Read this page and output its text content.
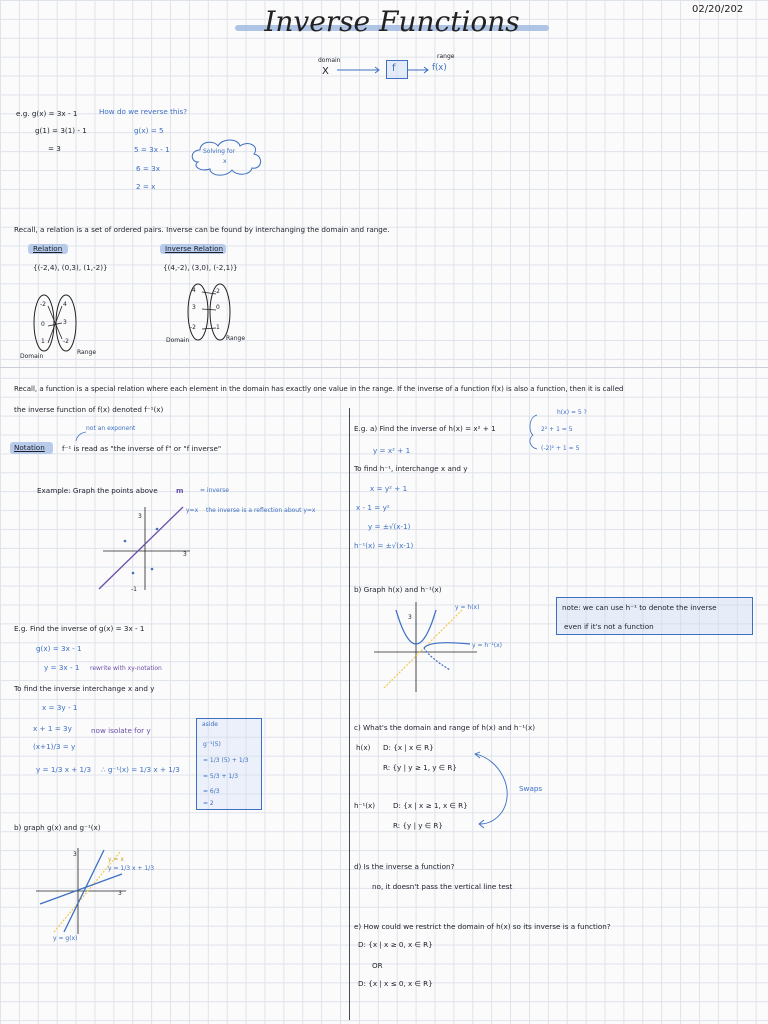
Inverse Functions	02/20/202
domain
X	f
range
f(x)
e.g. g(x) = 3x - 1	How do we reverse this?
g(1) = 3(1) - 1
= 3
g(x) = 5
5 = 3x - 1
6 = 3x
2 = x
Solving for
x
Recall, a relation is a set of ordered pairs. Inverse can be found by interchanging the domain and range.
Relation
{(-2,4), (0,3), (1,-2)}
Inverse Relation
{(4,-2), (3,0), (-2,1)}
-2
0
1
4
3
-2
Domain
Range
4
3
-2
-2
0
1
Domain	Range
Recall, a function is a special relation where each element in the domain has exactly one value in the range. If the inverse of a function f(x) is also a function, then it is called
the inverse function of f(x) denoted f⁻¹(x)
Notation
not an exponent
f⁻¹ is read as "the inverse of f" or "f inverse"
Example: Graph the points above	m	= inverse
3
3
-1
y=x the inverse is a reflection about y=x
E.g. Find the inverse of g(x) = 3x - 1
g(x) = 3x - 1
y = 3x - 1 rewrite with xy-notation
To find the inverse interchange x and y
x = 3y - 1
x + 1 = 3y	now isolate for y
(x+1)/3 = y
y = 1/3 x + 1/3 ∴ g⁻¹(x) = 1/3 x + 1/3
aside
g⁻¹(5)
= 1/3 (5) + 1/3
= 5/3 + 1/3
= 6/3
= 2
b) graph g(x) and g⁻¹(x)
3
3
y = x
y = 1/3 x + 1/3
y = g(x)
E.g. a) Find the inverse of h(x) = x² + 1
h(x) = 5 ?
2² + 1 = 5
(-2)² + 1 = 5
y = x² + 1
To find h⁻¹, interchange x and y
x = y² + 1
x - 1 = y²
y = ±√(x-1)
h⁻¹(x) = ±√(x-1)
b) Graph h(x) and h⁻¹(x)
3
y = h(x)
y = h⁻¹(x)
note: we can use h⁻¹ to denote the inverse
even if it's not a function
c) What's the domain and range of h(x) and h⁻¹(x)
h(x) D: {x | x ∈ R}
R: {y | y ≥ 1, y ∈ R}
Swaps
h⁻¹(x) D: {x | x ≥ 1, x ∈ R}
R: {y | y ∈ R}
d) Is the inverse a function?
no, it doesn't pass the vertical line test
e) How could we restrict the domain of h(x) so its inverse is a function?
D: {x | x ≥ 0, x ∈ R}
OR
D: {x | x ≤ 0, x ∈ R}
